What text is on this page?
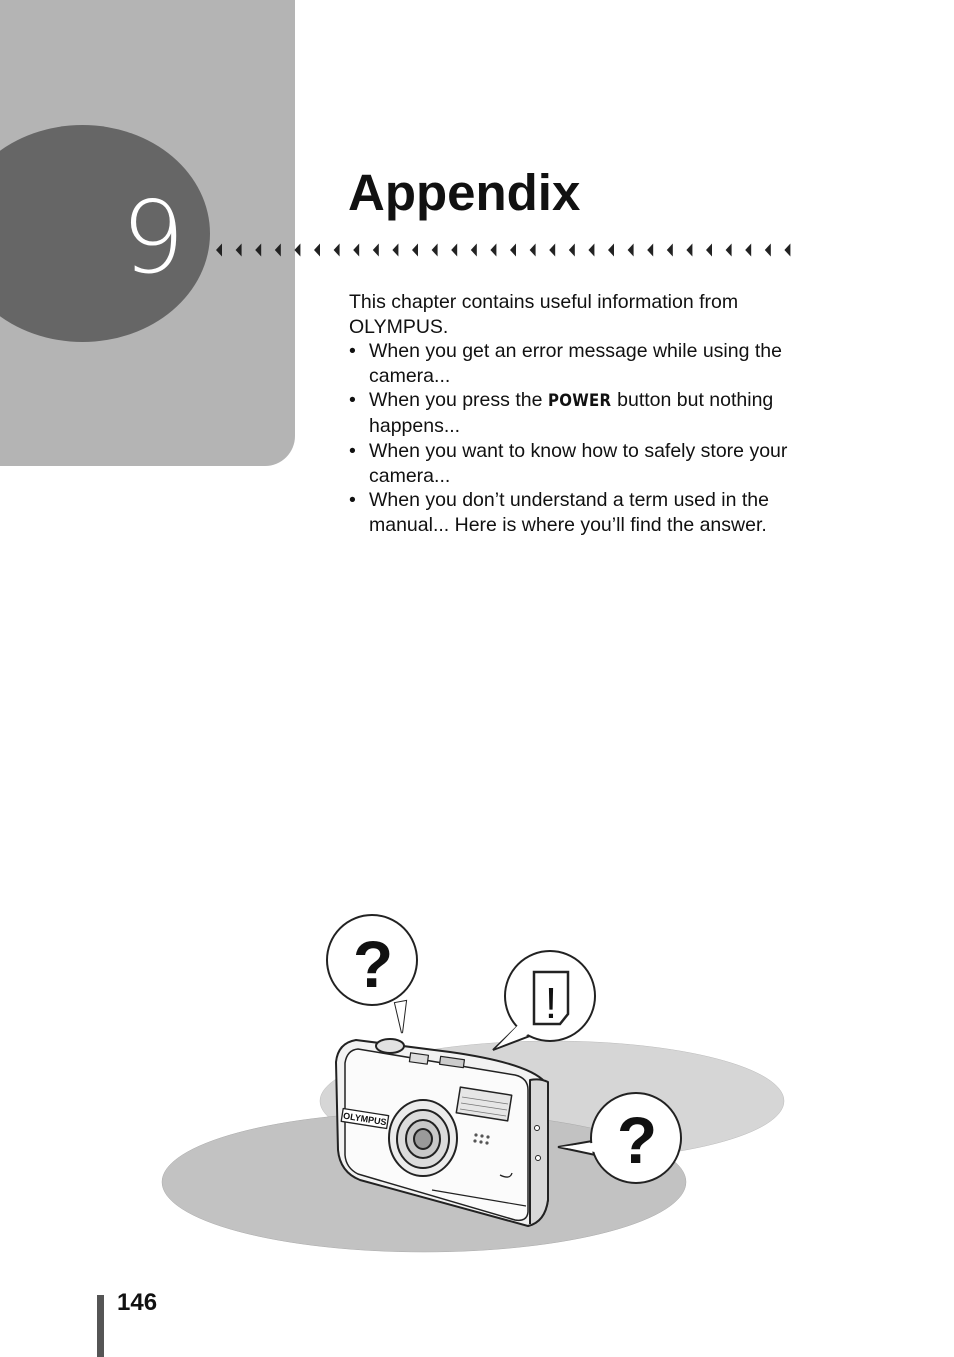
9	Appendix

This chapter contains useful information from OLYMPUS.

• When you get an error message while using the camera...
• When you press the POWER button but nothing happens...
• When you want to know how to safely store your camera...
• When you don’t understand a term used in the manual... Here is where you’ll find the answer.
?
!
?
OLYMPUS

146
